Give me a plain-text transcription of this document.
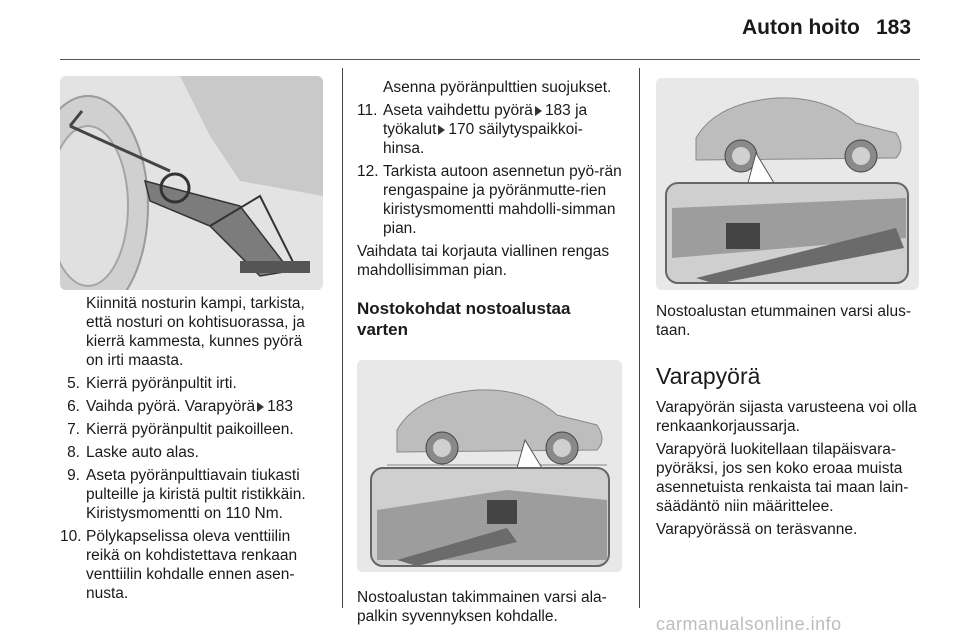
Auton hoito 183

Kiinnitä nosturin kampi, tarkista, että nosturi on kohtisuorassa, ja kierrä kammesta, kunnes pyörä on irti maasta.

5. Kierrä pyöränpultit irti.
6. Vaihda pyörä. Varapyörä 183
7. Kierrä pyöränpultit paikoilleen.
8. Laske auto alas.
9. Aseta pyöränpulttiavain tiukasti pulteille ja kiristä pultit ristikkäin. Kiristysmomentti on 110 Nm.
10. Pölykapselissa oleva venttiilin reikä on kohdistettava renkaan venttiilin kohdalle ennen asen-nusta.

Asenna pyöränpulttien suojukset.

11. Aseta vaihdettu pyörä 183 ja työkalut 170 säilytyspaikkoi-hinsa.
12. Tarkista autoon asennetun pyö-rän rengaspaine ja pyöränmutte-rien kiristysmomentti mahdolli-simman pian.

Vaihdata tai korjauta viallinen rengas mahdollisimman pian.

Nostokohdat nostoalustaa varten

Nostoalustan takimmainen varsi ala-palkin syvennyksen kohdalle.

Nostoalustan etummainen varsi alus-taan.

Varapyörä

Varapyörän sijasta varusteena voi olla renkaankorjaussarja.

Varapyörä luokitellaan tilapäisvara-pyöräksi, jos sen koko eroaa muista asennetuista renkaista tai maan lain-säädäntö niin määrittelee.

Varapyörässä on teräsvanne.

carmanualsonline.info
